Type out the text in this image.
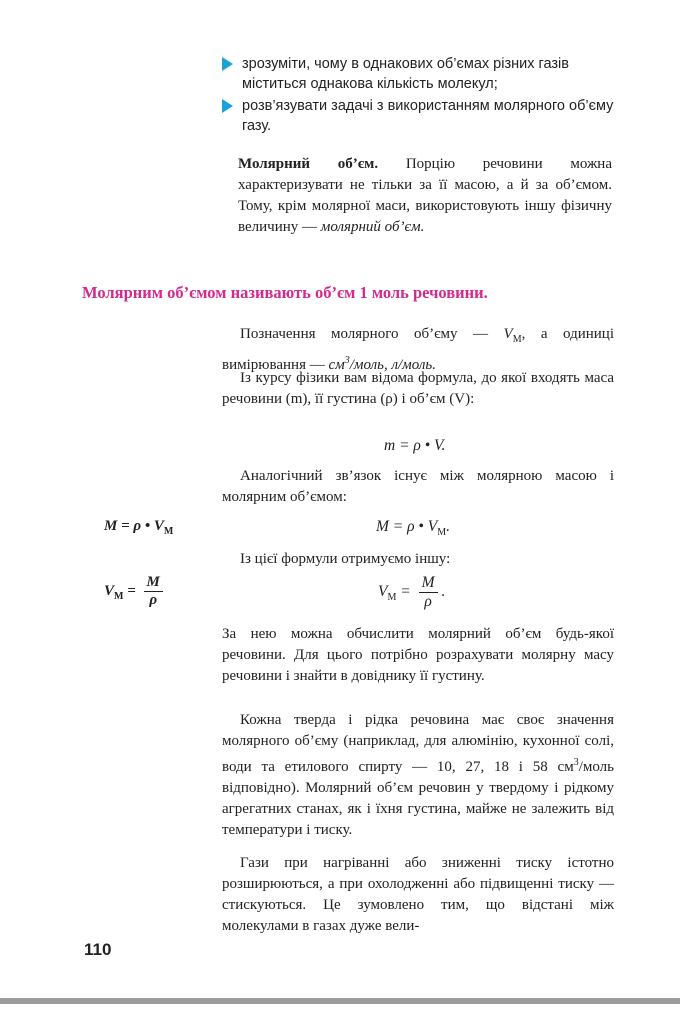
зрозуміти, чому в однакових об’ємах різних газів міститься однакова кількість молекул;
розв’язувати задачі з використанням молярного об’єму газу.
Молярний об’єм. Порцію речовини можна характеризувати не тільки за її масою, а й за об’ємом. Тому, крім молярної маси, використовують іншу фізичну величину — молярний об’єм.
Молярним об’ємом називають об’єм 1 моль речовини.
Позначення молярного об’єму — $V_M$, а одиниці вимірювання — $см^3$/моль, л/моль.
Із курсу фізики вам відома формула, до якої входять маса речовини (m), її густина (ρ) і об’єм (V):
m = ρ • V.
Аналогічний зв’язок існує між молярною масою і молярним об’ємом:
M = ρ • $V_M$	M = ρ • $V_M$.
Із цієї формули отримуємо іншу:
$V_M = \frac{M}{\rho}$	$V_M = \frac{M}{\rho}$ .
За нею можна обчислити молярний об’єм будь-якої речовини. Для цього потрібно розрахувати молярну масу речовини і знайти в довіднику її густину.
Кожна тверда і рідка речовина має своє значення молярного об’єму (наприклад, для алюмінію, кухонної солі, води та етилового спирту — 10, 27, 18 і 58 $см^3$/моль відповідно). Молярний об’єм речовин у твердому і рідкому агрегатних станах, як і їхня густина, майже не залежить від температури і тиску.
Гази при нагріванні або зниженні тиску істотно розширюються, а при охолодженні або підвищенні тиску — стискуються. Це зумовлено тим, що відстані між молекулами в газах дуже вели-
110
